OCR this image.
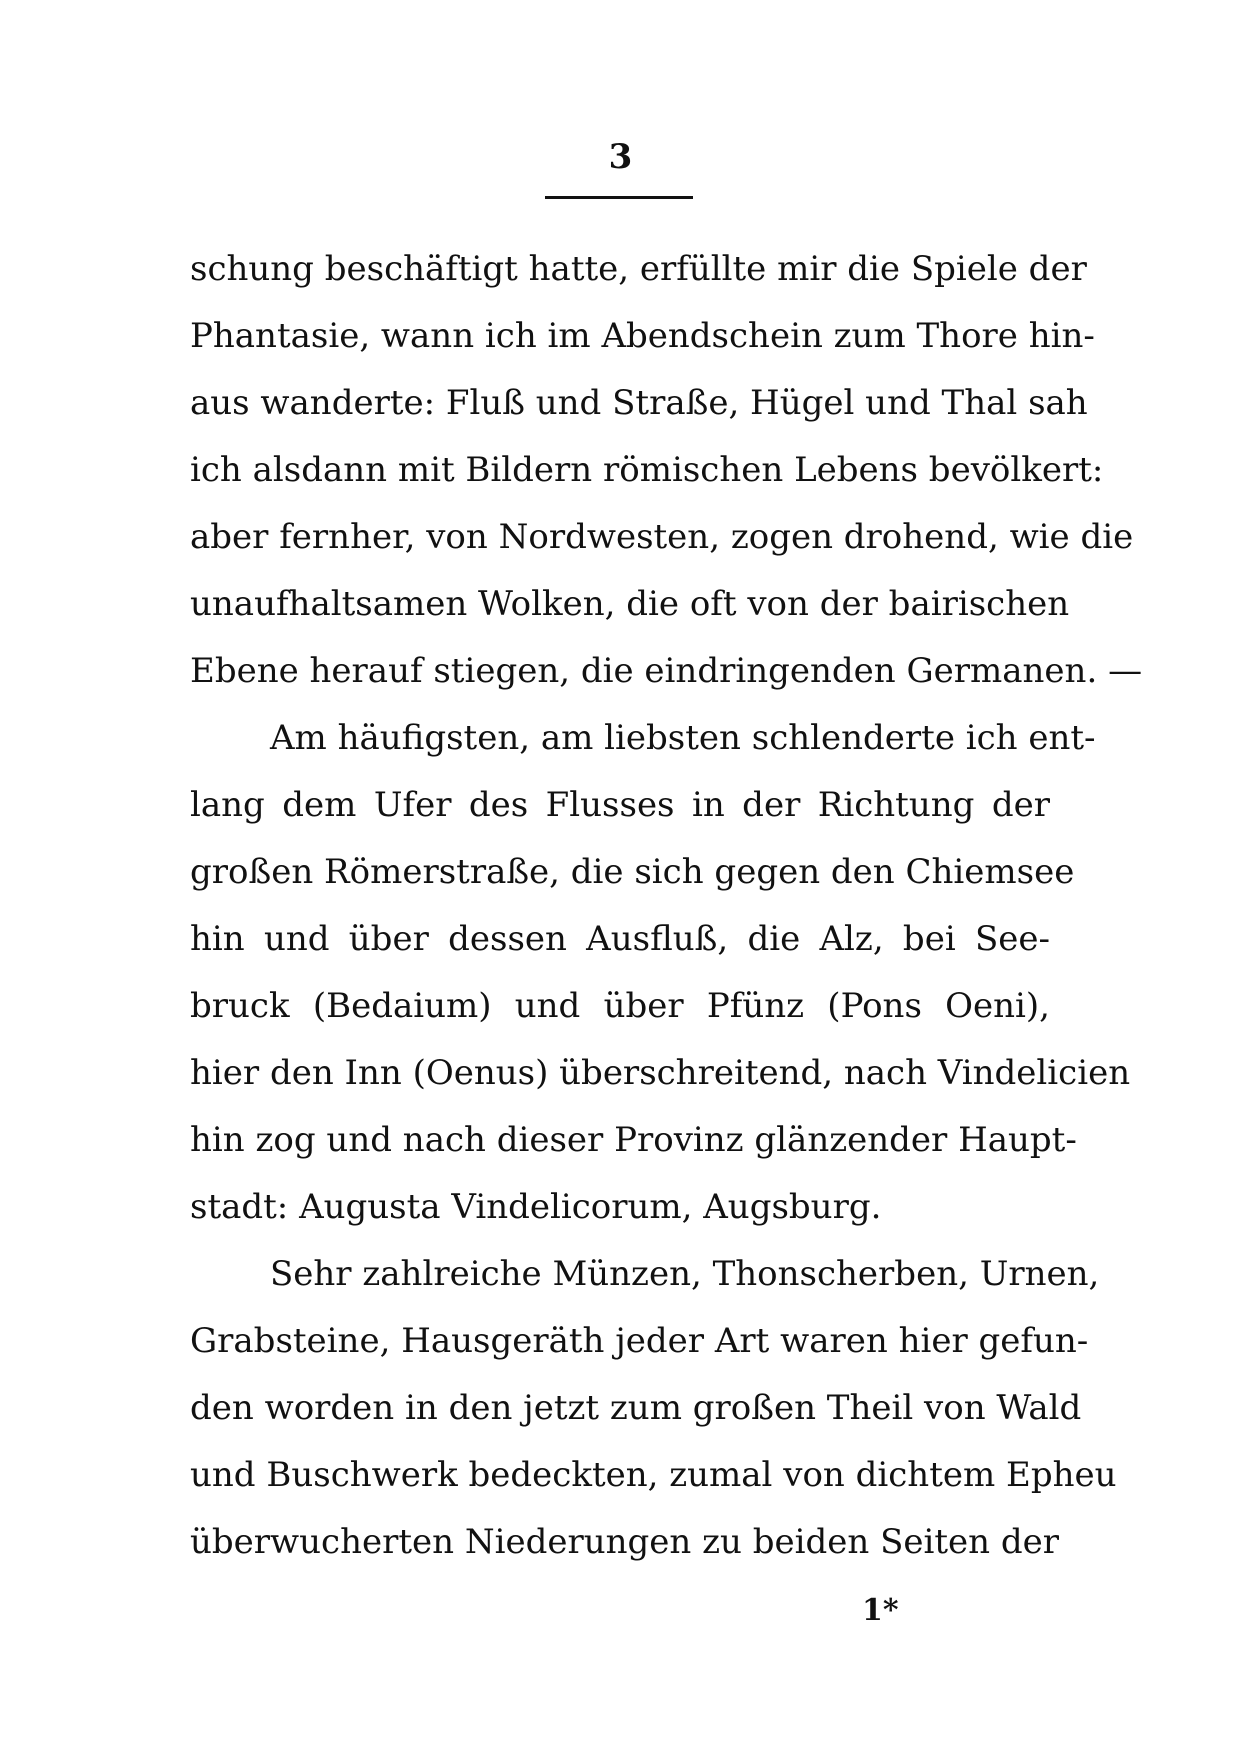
3
schung beschäftigt hatte, erfüllte mir die Spiele der
Phantasie, wann ich im Abendschein zum Thore hin-
aus wanderte: Fluß und Straße, Hügel und Thal sah
ich alsdann mit Bildern römischen Lebens bevölkert:
aber fernher, von Nordwesten, zogen drohend, wie die
unaufhaltsamen Wolken, die oft von der bairischen
Ebene herauf stiegen, die eindringenden Germanen. —
Am häufigsten, am liebsten schlenderte ich ent-
lang dem Ufer des Flusses in der Richtung der
großen Römerstraße, die sich gegen den Chiemsee
hin und über dessen Ausfluß, die Alz, bei See-
bruck (Bedaium) und über Pfünz (Pons Oeni),
hier den Inn (Oenus) überschreitend, nach Vindelicien
hin zog und nach dieser Provinz glänzender Haupt-
stadt: Augusta Vindelicorum, Augsburg.
Sehr zahlreiche Münzen, Thonscherben, Urnen,
Grabsteine, Hausgeräth jeder Art waren hier gefun-
den worden in den jetzt zum großen Theil von Wald
und Buschwerk bedeckten, zumal von dichtem Epheu
überwucherten Niederungen zu beiden Seiten der
1*
